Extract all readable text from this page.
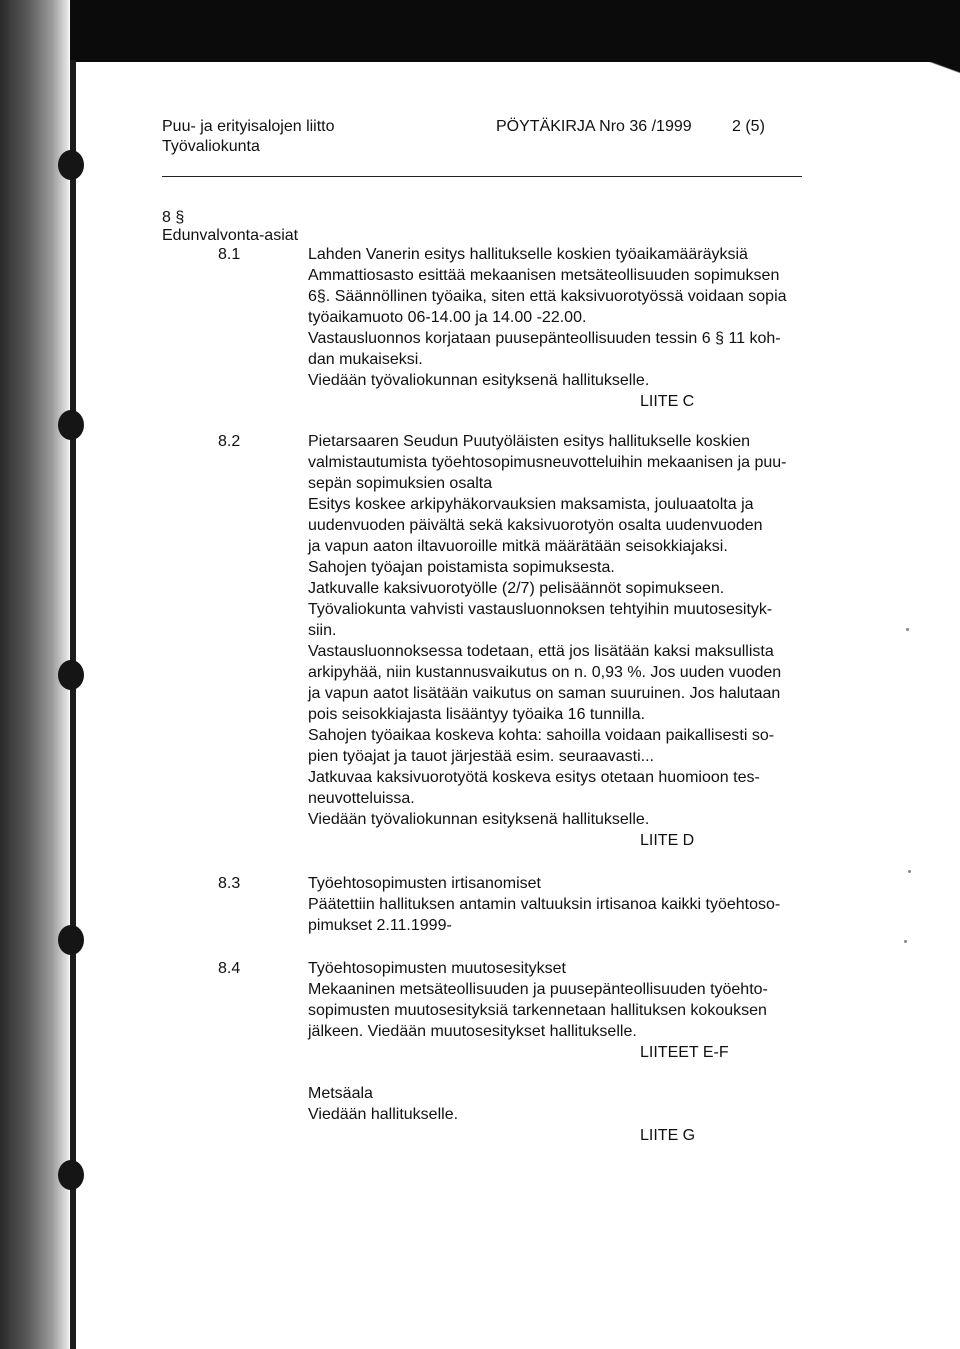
Puu- ja erityisalojen liitto
Työvaliokunta
PÖYTÄKIRJA Nro 36 /1999	2 (5)
8 §
Edunvalvonta-asiat
8.1	Lahden Vanerin esitys hallitukselle koskien työaikamääräyksiä
Ammattiosasto esittää mekaanisen metsäteollisuuden sopimuksen
6§. Säännöllinen työaika, siten että kaksivuorotyössä voidaan sopia
työaikamuoto 06-14.00 ja 14.00 -22.00.
Vastausluonnos korjataan puusepänteollisuuden tessin 6 § 11 koh-
dan mukaiseksi.
Viedään työvaliokunnan esityksenä hallitukselle.
LIITE C
8.2	Pietarsaaren Seudun Puutyöläisten esitys hallitukselle koskien
valmistautumista työehtosopimusneuvotteluihin mekaanisen ja puu-
sepän sopimuksien osalta
Esitys koskee arkipyhäkorvauksien maksamista, jouluaatolta ja
uudenvuoden päivältä sekä kaksivuorotyön osalta uudenvuoden
ja vapun aaton iltavuoroille mitkä määrätään seisokkiajaksi.
Sahojen työajan poistamista sopimuksesta.
Jatkuvalle kaksivuorotyölle (2/7) pelisäännöt sopimukseen.
Työvaliokunta vahvisti vastausluonnoksen tehtyihin muutosesityk-
siin.
Vastausluonnoksessa todetaan, että jos lisätään kaksi maksullista
arkipyhää, niin kustannusvaikutus on n. 0,93 %. Jos uuden vuoden
ja vapun aatot lisätään vaikutus on saman suuruinen. Jos halutaan
pois seisokkiajasta lisääntyy työaika 16 tunnilla.
Sahojen työaikaa koskeva kohta: sahoilla voidaan paikallisesti so-
pien työajat ja tauot järjestää esim. seuraavasti...
Jatkuvaa kaksivuorotyötä koskeva esitys otetaan huomioon tes-
neuvotteluissa.
Viedään työvaliokunnan esityksenä hallitukselle.
LIITE D
8.3	Työehtosopimusten irtisanomiset
Päätettiin hallituksen antamin valtuuksin irtisanoa kaikki työehtoso-
pimukset 2.11.1999-
8.4	Työehtosopimusten muutosesitykset
Mekaaninen metsäteollisuuden ja puusepänteollisuuden työehto-
sopimusten muutosesityksiä tarkennetaan hallituksen kokouksen
jälkeen. Viedään muutosesitykset hallitukselle.
LIITEET E-F
Metsäala
Viedään hallitukselle.
LIITE G
